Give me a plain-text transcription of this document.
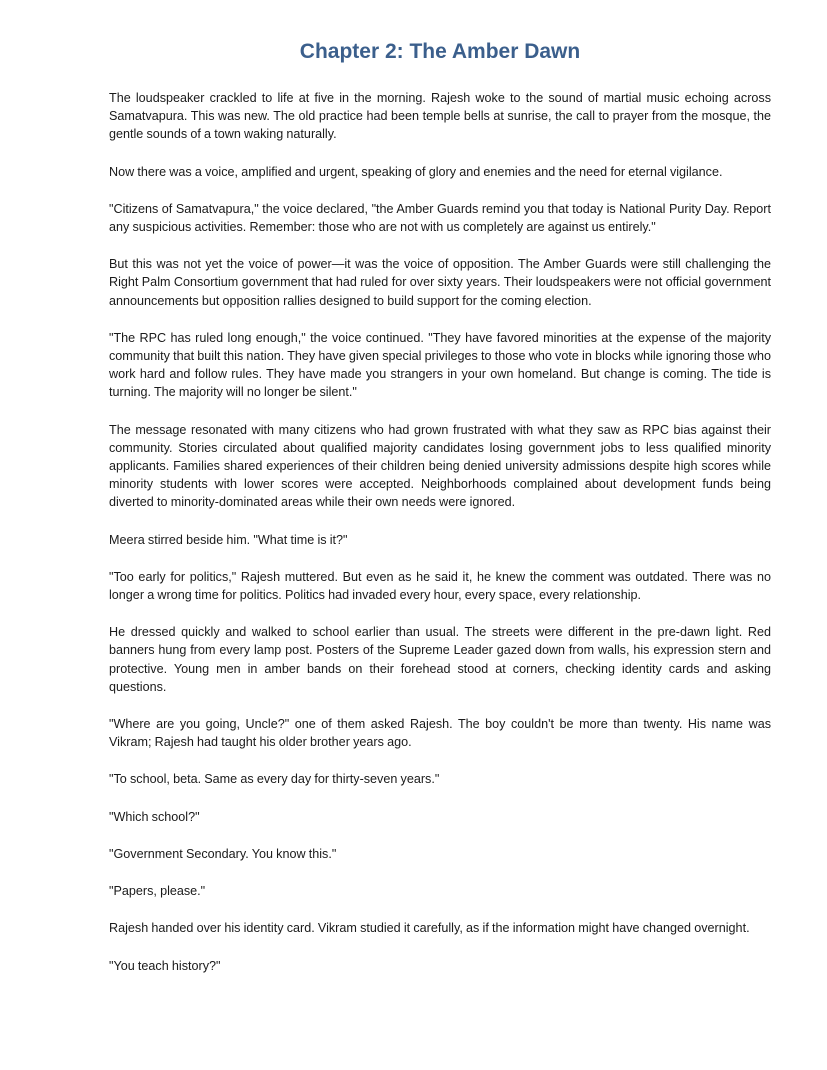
Chapter 2: The Amber Dawn

The loudspeaker crackled to life at five in the morning. Rajesh woke to the sound of martial music echoing across Samatvapura. This was new. The old practice had been temple bells at sunrise, the call to prayer from the mosque, the gentle sounds of a town waking naturally.

Now there was a voice, amplified and urgent, speaking of glory and enemies and the need for eternal vigilance.

"Citizens of Samatvapura," the voice declared, "the Amber Guards remind you that today is National Purity Day. Report any suspicious activities. Remember: those who are not with us completely are against us entirely."

But this was not yet the voice of power—it was the voice of opposition. The Amber Guards were still challenging the Right Palm Consortium government that had ruled for over sixty years. Their loudspeakers were not official government announcements but opposition rallies designed to build support for the coming election.

"The RPC has ruled long enough," the voice continued. "They have favored minorities at the expense of the majority community that built this nation. They have given special privileges to those who vote in blocks while ignoring those who work hard and follow rules. They have made you strangers in your own homeland. But change is coming. The tide is turning. The majority will no longer be silent."

The message resonated with many citizens who had grown frustrated with what they saw as RPC bias against their community. Stories circulated about qualified majority candidates losing government jobs to less qualified minority applicants. Families shared experiences of their children being denied university admissions despite high scores while minority students with lower scores were accepted. Neighborhoods complained about development funds being diverted to minority-dominated areas while their own needs were ignored.

Meera stirred beside him. "What time is it?"

"Too early for politics," Rajesh muttered. But even as he said it, he knew the comment was outdated. There was no longer a wrong time for politics. Politics had invaded every hour, every space, every relationship.

He dressed quickly and walked to school earlier than usual. The streets were different in the pre-dawn light. Red banners hung from every lamp post. Posters of the Supreme Leader gazed down from walls, his expression stern and protective. Young men in amber bands on their forehead stood at corners, checking identity cards and asking questions.

"Where are you going, Uncle?" one of them asked Rajesh. The boy couldn't be more than twenty. His name was Vikram; Rajesh had taught his older brother years ago.

"To school, beta. Same as every day for thirty-seven years."

"Which school?"

"Government Secondary. You know this."

"Papers, please."

Rajesh handed over his identity card. Vikram studied it carefully, as if the information might have changed overnight.

"You teach history?"
